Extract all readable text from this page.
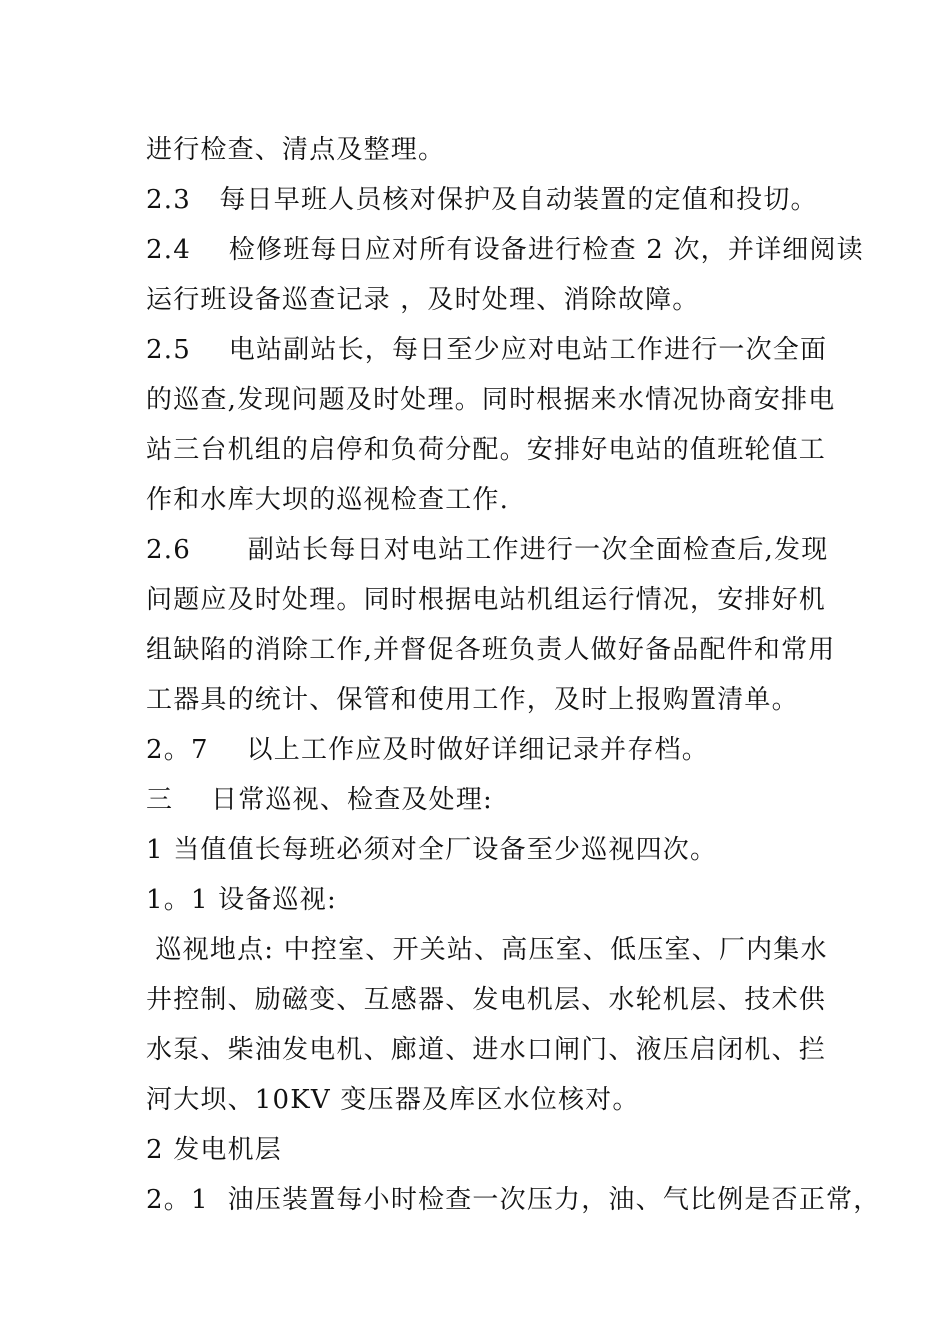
进行检查、清点及整理。
2.3   每日早班人员核对保护及自动装置的定值和投切。
2.4    检修班每日应对所有设备进行检查 2 次，并详细阅读
运行班设备巡查记录 ，及时处理、消除故障。
2.5    电站副站长，每日至少应对电站工作进行一次全面
的巡查,发现问题及时处理。同时根据来水情况协商安排电
站三台机组的启停和负荷分配。安排好电站的值班轮值工
作和水库大坝的巡视检查工作.
2.6      副站长每日对电站工作进行一次全面检查后,发现
问题应及时处理。同时根据电站机组运行情况，安排好机
组缺陷的消除工作,并督促各班负责人做好备品配件和常用
工器具的统计、保管和使用工作，及时上报购置清单。
2。7    以上工作应及时做好详细记录并存档。
三    日常巡视、检查及处理:
1 当值值长每班必须对全厂设备至少巡视四次。
1。1 设备巡视:
巡视地点: 中控室、开关站、高压室、低压室、厂内集水
井控制、励磁变、互感器、发电机层、水轮机层、技术供
水泵、柴油发电机、廊道、进水口闸门、液压启闭机、拦
河大坝、10KV 变压器及库区水位核对。
2 发电机层
2。1  油压装置每小时检查一次压力，油、气比例是否正常，
